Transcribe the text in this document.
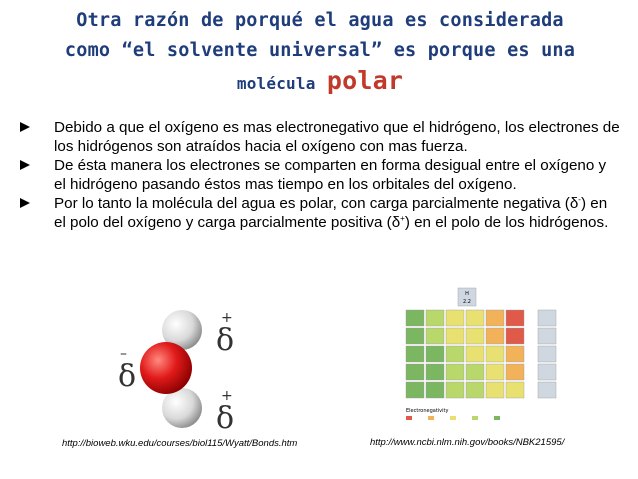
Otra razón de porqué el agua es considerada
como “el solvente universal” es porque es una
molécula polar
Debido a que el oxígeno es mas electronegativo que el hidrógeno, los electrones de los hidrógenos son atraídos hacia el oxígeno con mas fuerza.
De ésta manera los electrones se comparten en forma desigual entre el oxígeno y el hidrógeno pasando éstos mas tiempo en los orbitales del oxígeno.
Por lo tanto la molécula del agua es polar, con carga parcialmente negativa (δ-) en el polo del oxígeno y carga parcialmente positiva (δ+) en el polo de los hidrógenos.
δ
–
+
δ
+
δ
H
2.2
Electronegativity
http://bioweb.wku.edu/courses/biol115/Wyatt/Bonds.htm	http://www.ncbi.nlm.nih.gov/books/NBK21595/
